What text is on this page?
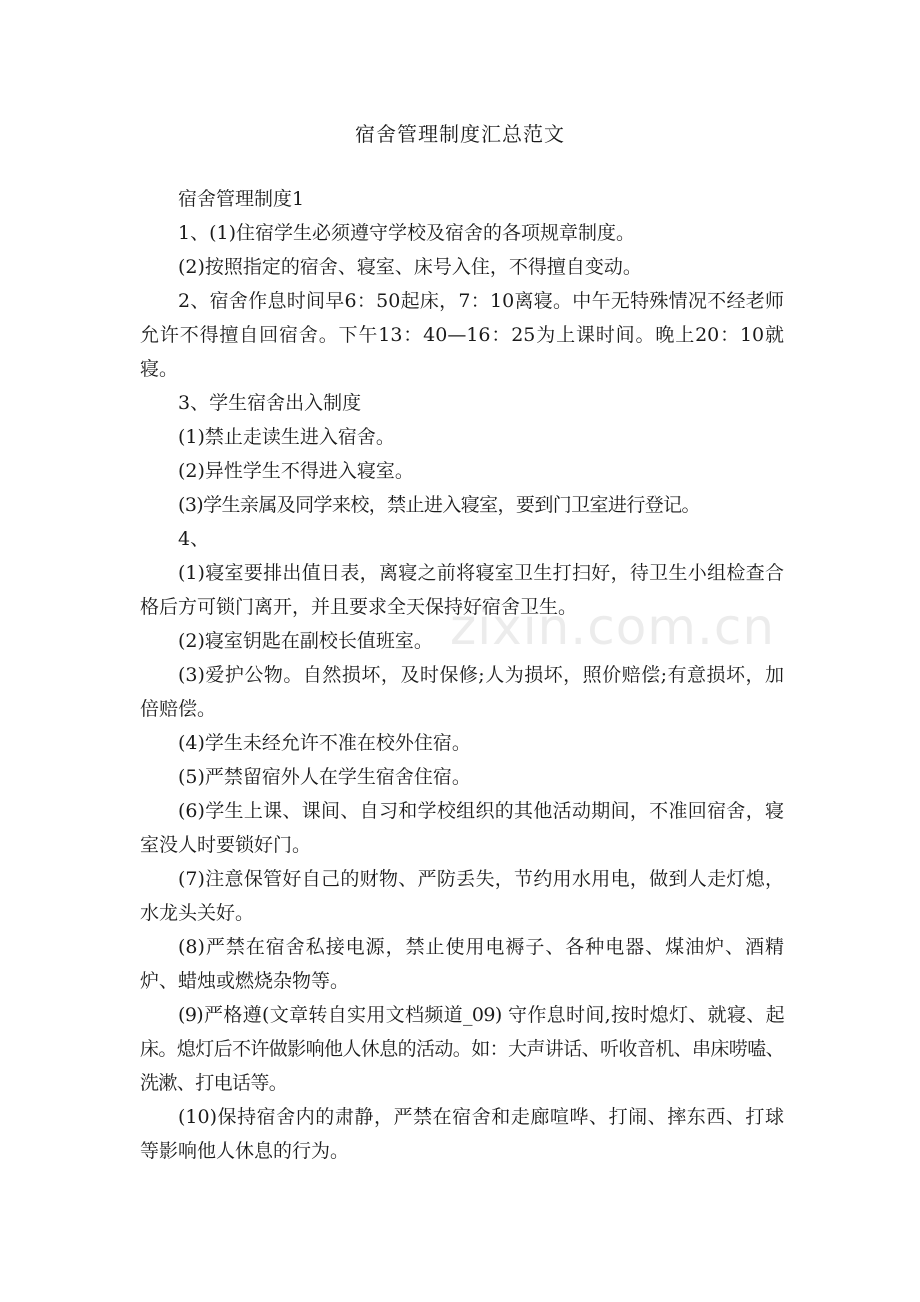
宿舍管理制度汇总范文

宿舍管理制度1

1、(1)住宿学生必须遵守学校及宿舍的各项规章制度。

(2)按照指定的宿舍、寝室、床号入住，不得擅自变动。

2、宿舍作息时间早6：50起床，7：10离寝。中午无特殊情况不经老师允许不得擅自回宿舍。下午13：40—16：25为上课时间。晚上20：10就寝。

3、学生宿舍出入制度

(1)禁止走读生进入宿舍。

(2)异性学生不得进入寝室。

(3)学生亲属及同学来校，禁止进入寝室，要到门卫室进行登记。

4、

(1)寝室要排出值日表，离寝之前将寝室卫生打扫好，待卫生小组检查合格后方可锁门离开，并且要求全天保持好宿舍卫生。

(2)寝室钥匙在副校长值班室。

(3)爱护公物。自然损坏，及时保修;人为损坏，照价赔偿;有意损坏，加倍赔偿。

(4)学生未经允许不准在校外住宿。

(5)严禁留宿外人在学生宿舍住宿。

(6)学生上课、课间、自习和学校组织的其他活动期间，不准回宿舍，寝室没人时要锁好门。

(7)注意保管好自己的财物、严防丢失，节约用水用电，做到人走灯熄，水龙头关好。

(8)严禁在宿舍私接电源，禁止使用电褥子、各种电器、煤油炉、酒精炉、蜡烛或燃烧杂物等。

(9)严格遵(文章转自实用文档频道_09) 守作息时间,按时熄灯、就寝、起床。熄灯后不许做影响他人休息的活动。如：大声讲话、听收音机、串床唠嗑、洗漱、打电话等。

(10)保持宿舍内的肃静，严禁在宿舍和走廊喧哗、打闹、摔东西、打球等影响他人休息的行为。

zixin.com.cn
